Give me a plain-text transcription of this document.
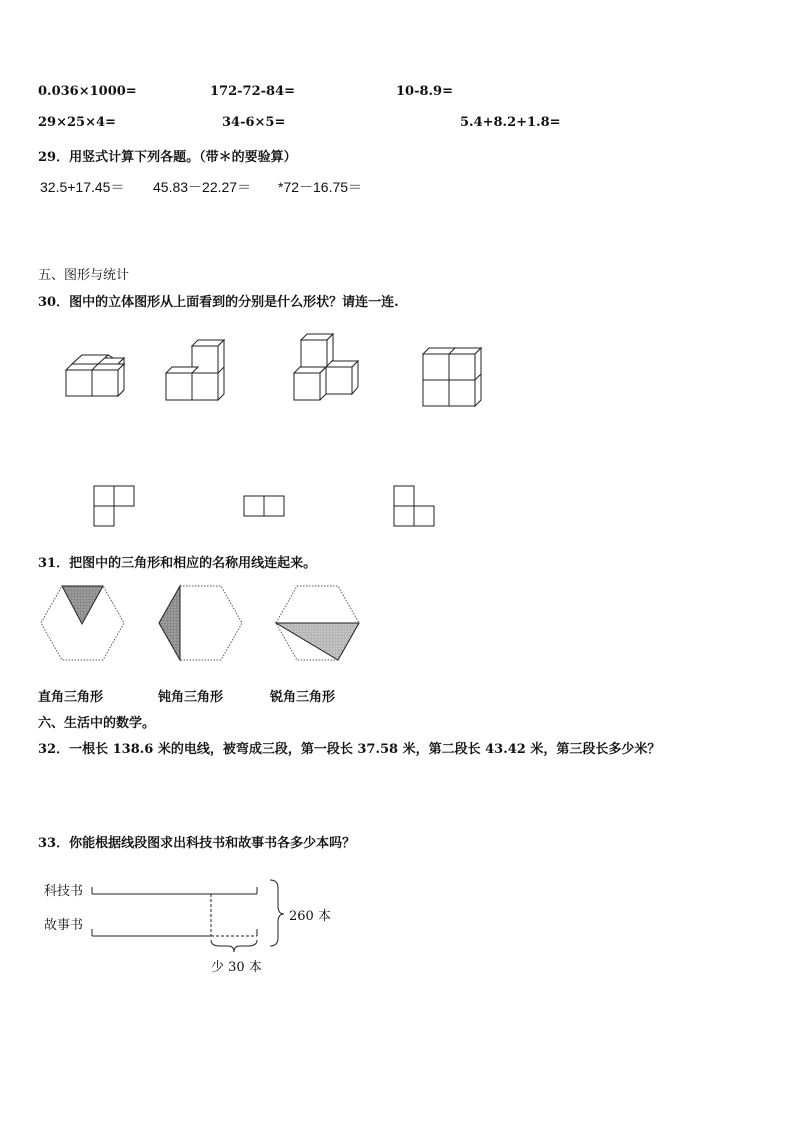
0.036×1000=	172-72-84=	10-8.9=
29×25×4=	34-6×5=	5.4+8.2+1.8=
29．用竖式计算下列各题。（带＊的要验算）
32.5+17.45＝ 45.83－22.27＝ *72－16.75＝
五、图形与统计
30．图中的立体图形从上面看到的分别是什么形状？请连一连.
31．把图中的三角形和相应的名称用线连起来。
直角三角形	钝角三角形	锐角三角形
六、生活中的数学。
32．一根长 138.6 米的电线，被弯成三段，第一段长 37.58 米，第二段长 43.42 米，第三段长多少米？
33．你能根据线段图求出科技书和故事书各多少本吗？
科技书
故事书
260 本
少 30 本
